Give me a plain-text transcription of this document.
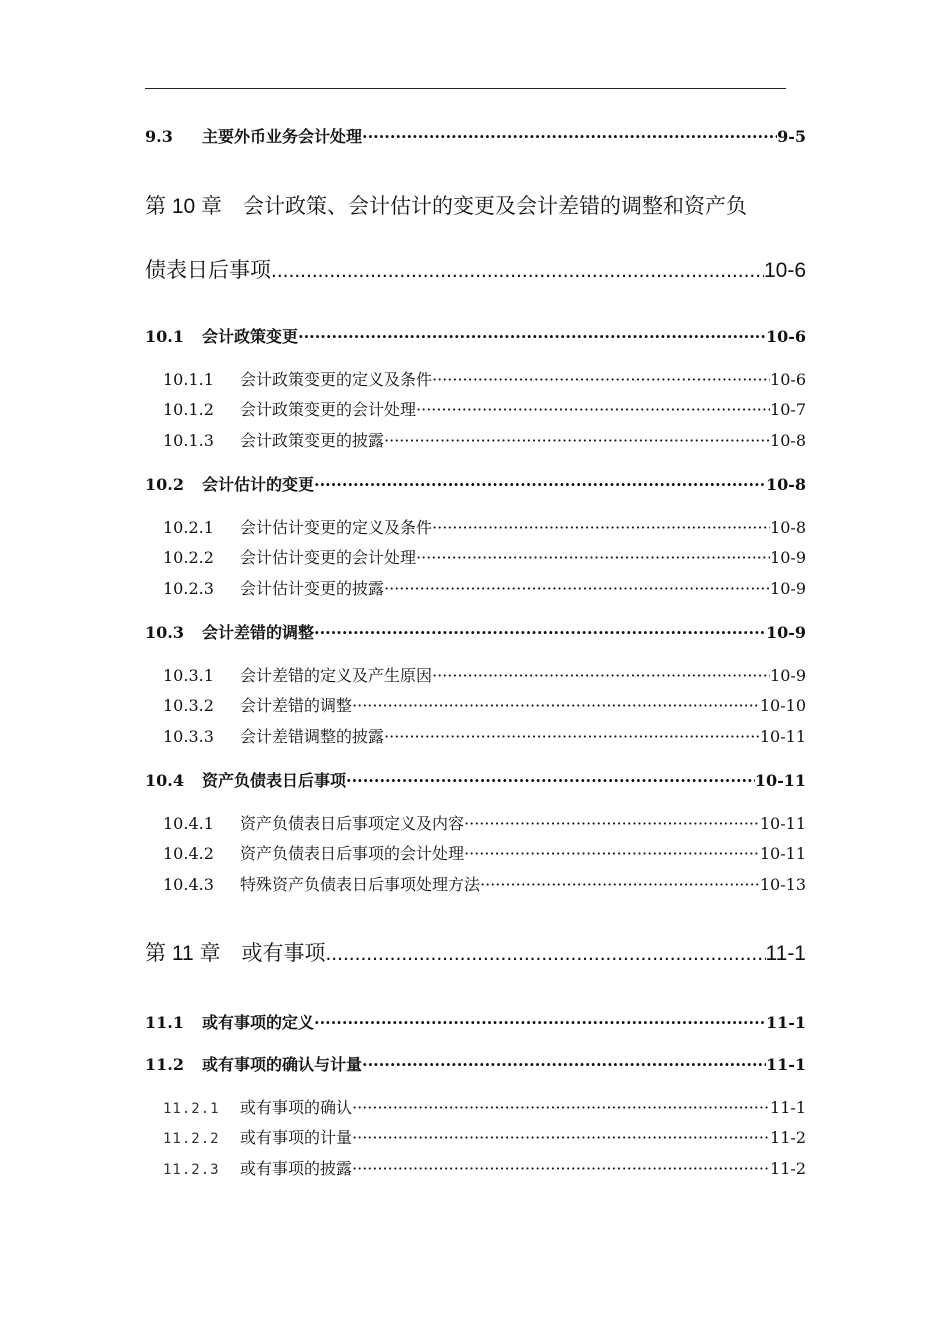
9.3	主要外币业务会计处理 ·····	9-5
第 10 章　会计政策、会计估计的变更及会计差错的调整和资产负
债表日后事项 .....	10-6
10.1	会计政策变更 ·····	10-6
10.1.1	会计政策变更的定义及条件 ·····	10-6
10.1.2	会计政策变更的会计处理 ·····	10-7
10.1.3	会计政策变更的披露 ·····	10-8
10.2	会计估计的变更 ·····	10-8
10.2.1	会计估计变更的定义及条件 ·····	10-8
10.2.2	会计估计变更的会计处理 ·····	10-9
10.2.3	会计估计变更的披露 ·····	10-9
10.3	会计差错的调整 ·····	10-9
10.3.1	会计差错的定义及产生原因 ·····	10-9
10.3.2	会计差错的调整 ·····	10-10
10.3.3	会计差错调整的披露 ·····	10-11
10.4	资产负债表日后事项 ·····	10-11
10.4.1	资产负债表日后事项定义及内容 ·····	10-11
10.4.2	资产负债表日后事项的会计处理 ·····	10-11
10.4.3	特殊资产负债表日后事项处理方法 ·····	10-13
第 11 章　或有事项 .....	11-1
11.1	或有事项的定义 ·····	11-1
11.2	或有事项的确认与计量 ·····	11-1
11.2.1	或有事项的确认 ·····	11-1
11.2.2	或有事项的计量 ·····	11-2
11.2.3	或有事项的披露 ·····	11-2
